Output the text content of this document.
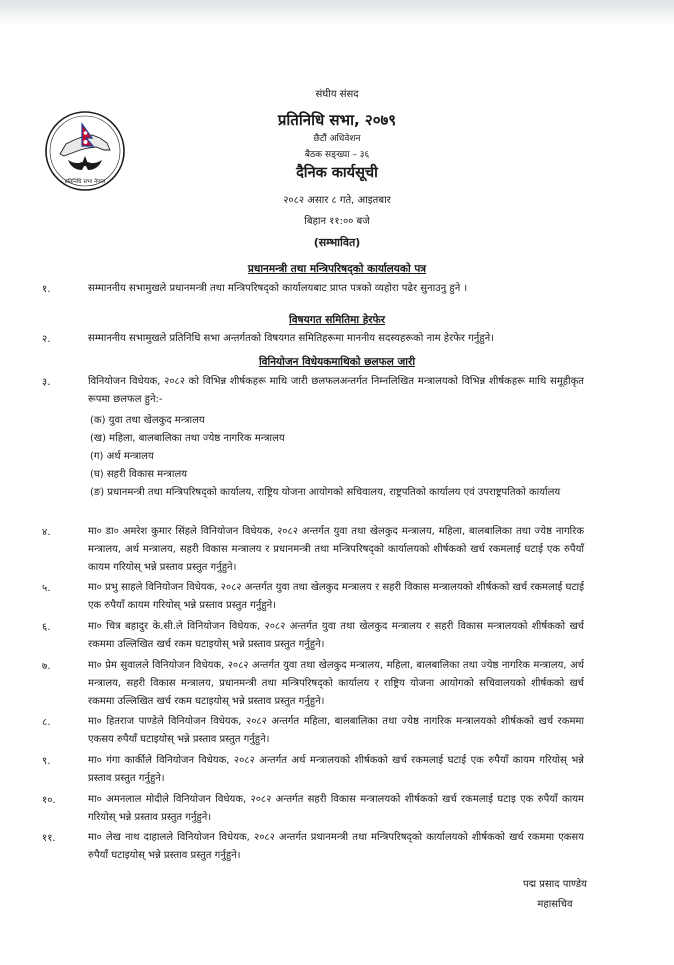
प्रतिनिधि सभा नेपाल
संघीय संसद
प्रतिनिधि सभा, २०७९
छैटौं अधिवेशन
बैठक सङ्ख्या – ३६
दैनिक कार्यसूची
२०८२ असार ८ गते, आइतबार
बिहान ११:०० बजे
(सम्भावित)
प्रधानमन्त्री तथा मन्त्रिपरिषद्को कार्यालयको पत्र
१.	सम्माननीय सभामुखले प्रधानमन्त्री तथा मन्त्रिपरिषद्को कार्यालयबाट प्राप्त पत्रको व्यहोरा पढेर सुनाउनु हुने ।
विषयगत समितिमा हेरफेर
२.	सम्माननीय सभामुखले प्रतिनिधि सभा अन्तर्गतको विषयगत समितिहरूमा माननीय सदस्यहरूको नाम हेरफेर गर्नुहुने।
विनियोजन विधेयकमाथिको छलफल जारी
३.	विनियोजन विधेयक, २०८२ को विभिन्न शीर्षकहरू माथि जारी छलफलअन्तर्गत निम्नलिखित मन्त्रालयको विभिन्न शीर्षकहरू माथि समूहीकृत रूपमा छलफल हुने:-
(क) युवा तथा खेलकुद मन्त्रालय
(ख) महिला, बालबालिका तथा ज्येष्ठ नागरिक मन्त्रालय
(ग) अर्थ मन्त्रालय
(घ) सहरी विकास मन्त्रालय
(ङ) प्रधानमन्त्री तथा मन्त्रिपरिषद्को कार्यालय, राष्ट्रिय योजना आयोगको सचिवालय, राष्ट्रपतिको कार्यालय एवं उपराष्ट्रपतिको कार्यालय
४.	मा० डा० अमरेश कुमार सिंहले विनियोजन विधेयक, २०८२ अन्तर्गत युवा तथा खेलकुद मन्त्रालय, महिला, बालबालिका तथा ज्येष्ठ नागरिक मन्त्रालय, अर्थ मन्त्रालय, सहरी विकास मन्त्रालय र प्रधानमन्त्री तथा मन्त्रिपरिषद्को कार्यालयको शीर्षकको खर्च रकमलाई घटाई एक रुपैयाँ कायम गरियोस् भन्ने प्रस्ताव प्रस्तुत गर्नुहुने।
५.	मा० प्रभु साहले विनियोजन विधेयक, २०८२ अन्तर्गत युवा तथा खेलकुद मन्त्रालय र सहरी विकास मन्त्रालयको शीर्षकको खर्च रकमलाई घटाई एक रुपैयाँ कायम गरियोस् भन्ने प्रस्ताव प्रस्तुत गर्नुहुने।
६.	मा० चित्र बहादुर के.सी.ले विनियोजन विधेयक, २०८२ अन्तर्गत युवा तथा खेलकुद मन्त्रालय र सहरी विकास मन्त्रालयको शीर्षकको खर्च रकममा उल्लिखित खर्च रकम घटाइयोस् भन्ने प्रस्ताव प्रस्तुत गर्नुहुने।
७.	मा० प्रेम सुवालले विनियोजन विधेयक, २०८२ अन्तर्गत युवा तथा खेलकुद मन्त्रालय, महिला, बालबालिका तथा ज्येष्ठ नागरिक मन्त्रालय, अर्थ मन्त्रालय, सहरी विकास मन्त्रालय, प्रधानमन्त्री तथा मन्त्रिपरिषद्को कार्यालय र राष्ट्रिय योजना आयोगको सचिवालयको शीर्षकको खर्च रकममा उल्लिखित खर्च रकम घटाइयोस् भन्ने प्रस्ताव प्रस्तुत गर्नुहुने।
८.	मा० हितराज पाण्डेले विनियोजन विधेयक, २०८२ अन्तर्गत महिला, बालबालिका तथा ज्येष्ठ नागरिक मन्त्रालयको शीर्षकको खर्च रकममा एकसय रुपैयाँ घटाइयोस् भन्ने प्रस्ताव प्रस्तुत गर्नुहुने।
९.	मा० गंगा कार्कीले विनियोजन विधेयक, २०८२ अन्तर्गत अर्थ मन्त्रालयको शीर्षकको खर्च रकमलाई घटाई एक रुपैयाँ कायम गरियोस् भन्ने प्रस्ताव प्रस्तुत गर्नुहुने।
१०.	मा० अमनलाल मोदीले विनियोजन विधेयक, २०८२ अन्तर्गत सहरी विकास मन्त्रालयको शीर्षकको खर्च रकमलाई घटाइ एक रुपैयाँ कायम गरियोस् भन्ने प्रस्ताव प्रस्तुत गर्नुहुने।
११.	मा० लेख नाथ दाहालले विनियोजन विधेयक, २०८२ अन्तर्गत प्रधानमन्त्री तथा मन्त्रिपरिषद्को कार्यालयको शीर्षकको खर्च रकममा एकसय रुपैयाँ घटाइयोस् भन्ने प्रस्ताव प्रस्तुत गर्नुहुने।
पद्म प्रसाद पाण्डेय
महासचिव
